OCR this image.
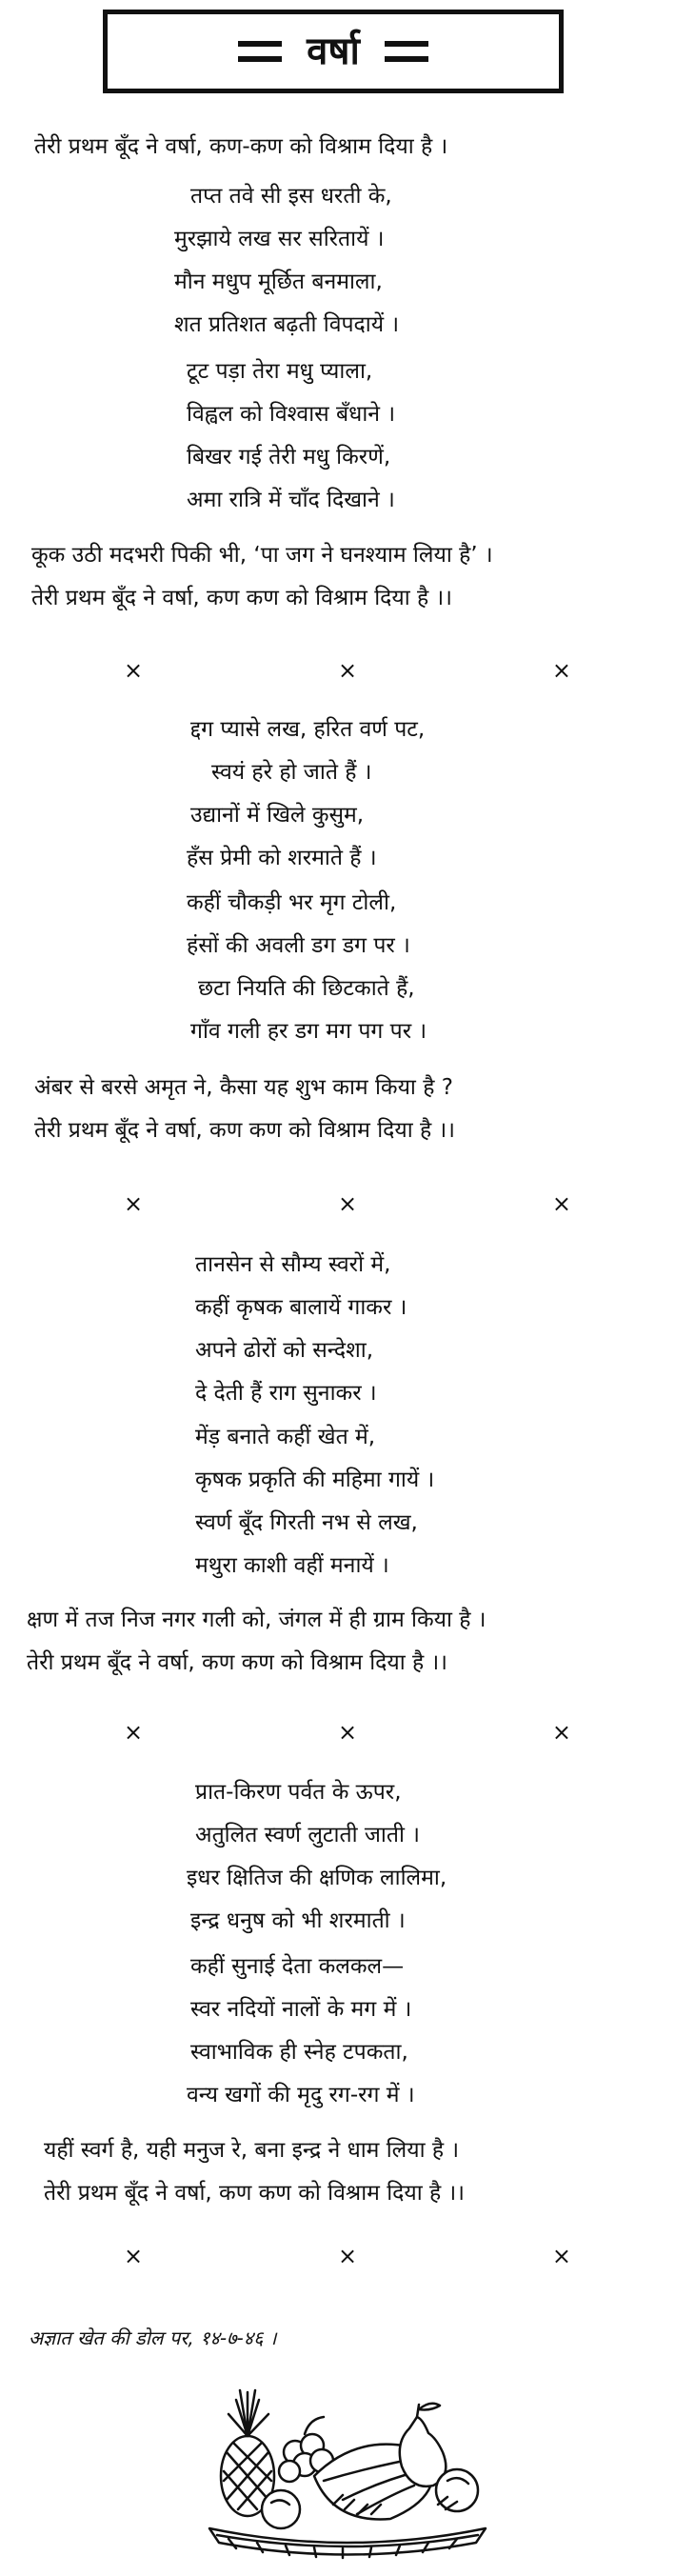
वर्षा
तेरी प्रथम बूँद ने वर्षा, कण-कण को विश्राम दिया है ।
तप्त तवे सी इस धरती के,
मुरझाये लख सर सरितायें ।
मौन मधुप मूर्छित बनमाला,
शत प्रतिशत बढ़ती विपदायें ।
टूट पड़ा तेरा मधु प्याला,
विह्वल को विश्वास बँधाने ।
बिखर गई तेरी मधु किरणें,
अमा रात्रि में चाँद दिखाने ।
कूक उठी मदभरी पिकी भी, ‘पा जग ने घनश्याम लिया है’ ।
तेरी प्रथम बूँद ने वर्षा, कण कण को विश्राम दिया है ।।
×	×	×
द्दग प्यासे लख, हरित वर्ण पट,
स्वयं हरे हो जाते हैं ।
उद्यानों में खिले कुसुम,
हँस प्रेमी को शरमाते हैं ।
कहीं चौकड़ी भर मृग टोली,
हंसों की अवली डग डग पर ।
छटा नियति की छिटकाते हैं,
गाँव गली हर डग मग पग पर ।
अंबर से बरसे अमृत ने, कैसा यह शुभ काम किया है ?
तेरी प्रथम बूँद ने वर्षा, कण कण को विश्राम दिया है ।।
×	×	×
तानसेन से सौम्य स्वरों में,
कहीं कृषक बालायें गाकर ।
अपने ढोरों को सन्देशा,
दे देती हैं राग सुनाकर ।
मेंड़ बनाते कहीं खेत में,
कृषक प्रकृति की महिमा गायें ।
स्वर्ण बूँद गिरती नभ से लख,
मथुरा काशी वहीं मनायें ।
क्षण में तज निज नगर गली को, जंगल में ही ग्राम किया है ।
तेरी प्रथम बूँद ने वर्षा, कण कण को विश्राम दिया है ।।
×	×	×
प्रात-किरण पर्वत के ऊपर,
अतुलित स्वर्ण लुटाती जाती ।
इधर क्षितिज की क्षणिक लालिमा,
इन्द्र धनुष को भी शरमाती ।
कहीं सुनाई देता कलकल—
स्वर नदियों नालों के मग में ।
स्वाभाविक ही स्नेह टपकता,
वन्य खगों की मृदु रग-रग में ।
यहीं स्वर्ग है, यही मनुज रे, बना इन्द्र ने धाम लिया है ।
तेरी प्रथम बूँद ने वर्षा, कण कण को विश्राम दिया है ।।
×	×	×
अज्ञात खेत की डोल पर, १४-७-४६ ।
